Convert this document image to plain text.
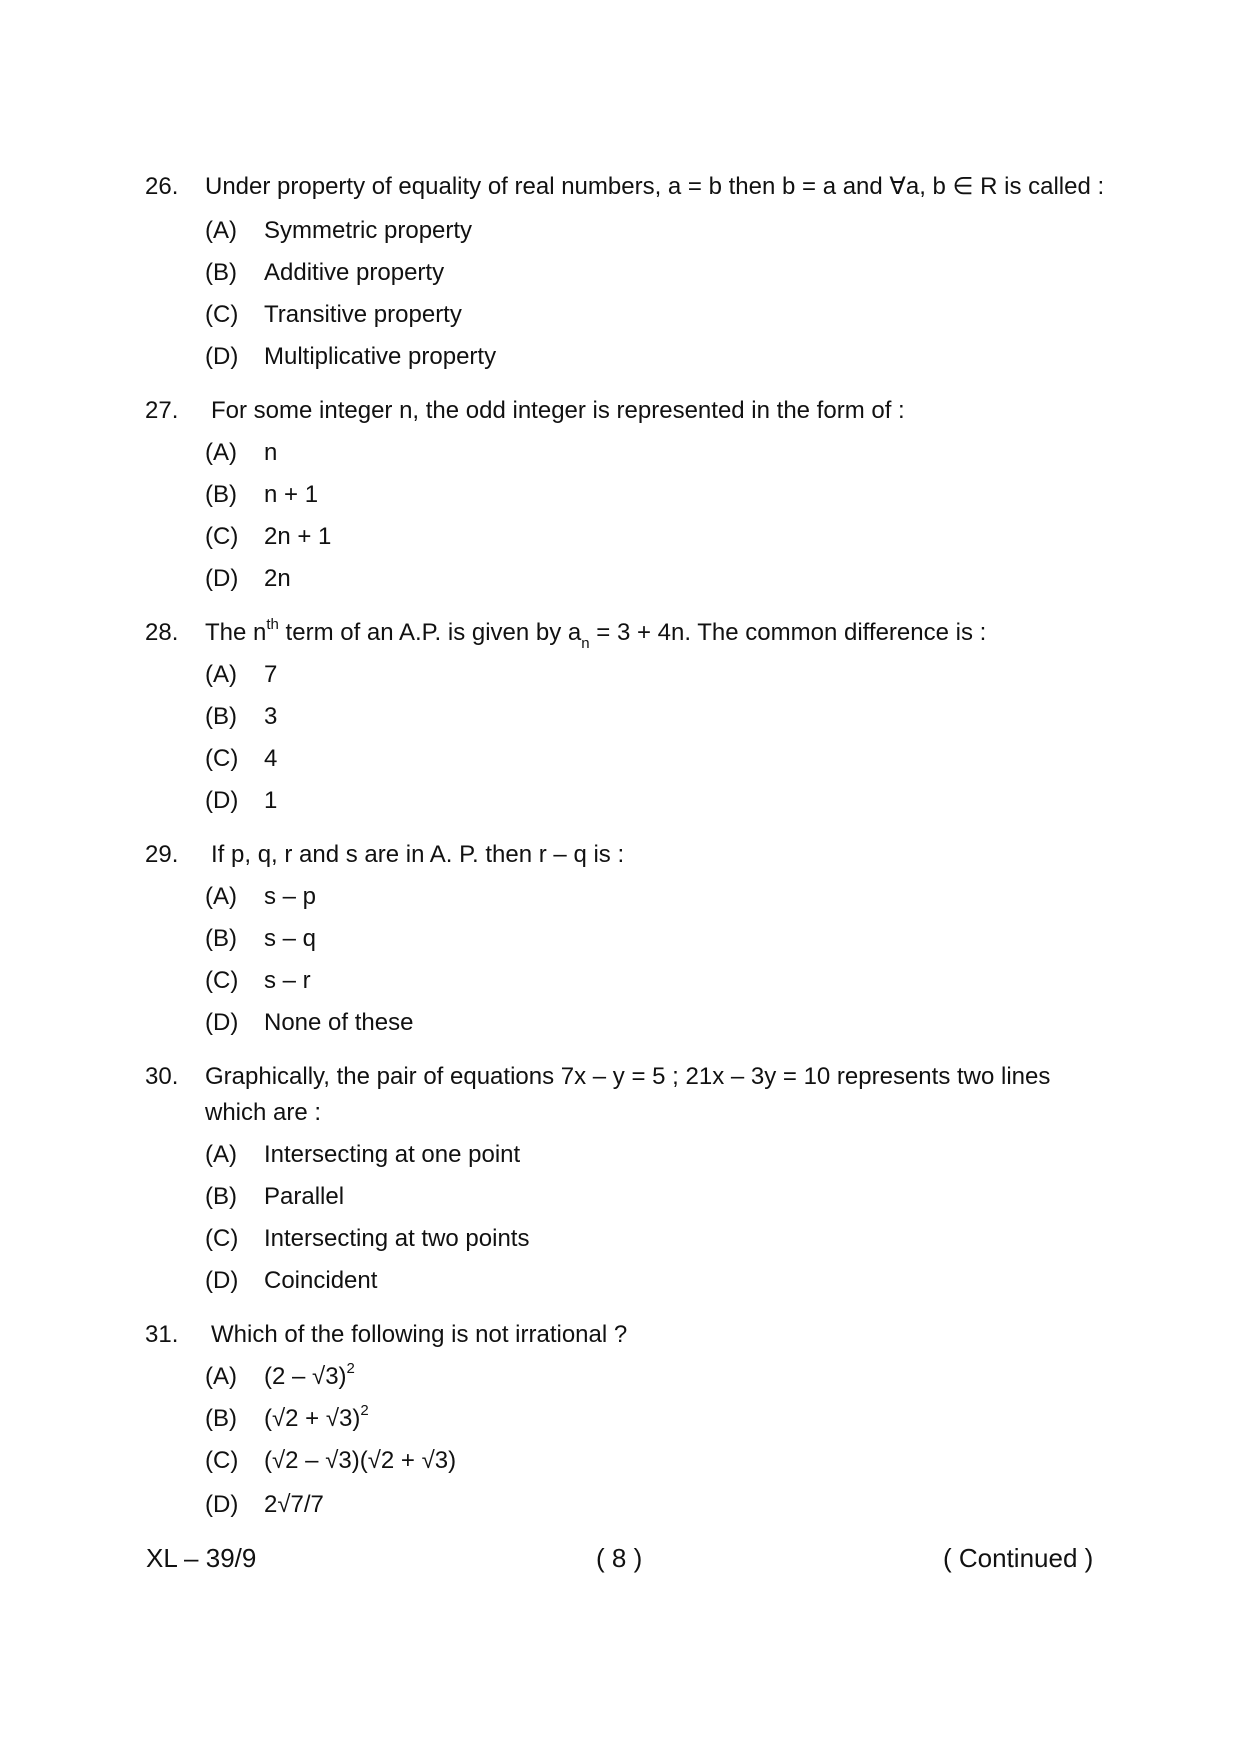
26. Under property of equality of real numbers, a = b then b = a and ∀a, b ∈ R is called :
(A) Symmetric property
(B) Additive property
(C) Transitive property
(D) Multiplicative property
27. For some integer n, the odd integer is represented in the form of :
(A) n
(B) n + 1
(C) 2n + 1
(D) 2n
28. The $n^{th}$ term of an A.P. is given by $a_n = 3 + 4n$. The common difference is :
(A) 7
(B) 3
(C) 4
(D) 1
29. If p, q, r and s are in A. P. then r – q is :
(A) s – p
(B) s – q
(C) s – r
(D) None of these
30. Graphically, the pair of equations 7x – y = 5 ; 21x – 3y = 10 represents two lines
which are :
(A) Intersecting at one point
(B) Parallel
(C) Intersecting at two points
(D) Coincident
31. Which of the following is not irrational ?
(A) (2 – √3)$^2$
(B) $(√2 + √3)^2$
(C) (√2 – √3)(√2 + √3)
(D) 2√7/7
XL – 39/9	( 8 )	( Continued )
